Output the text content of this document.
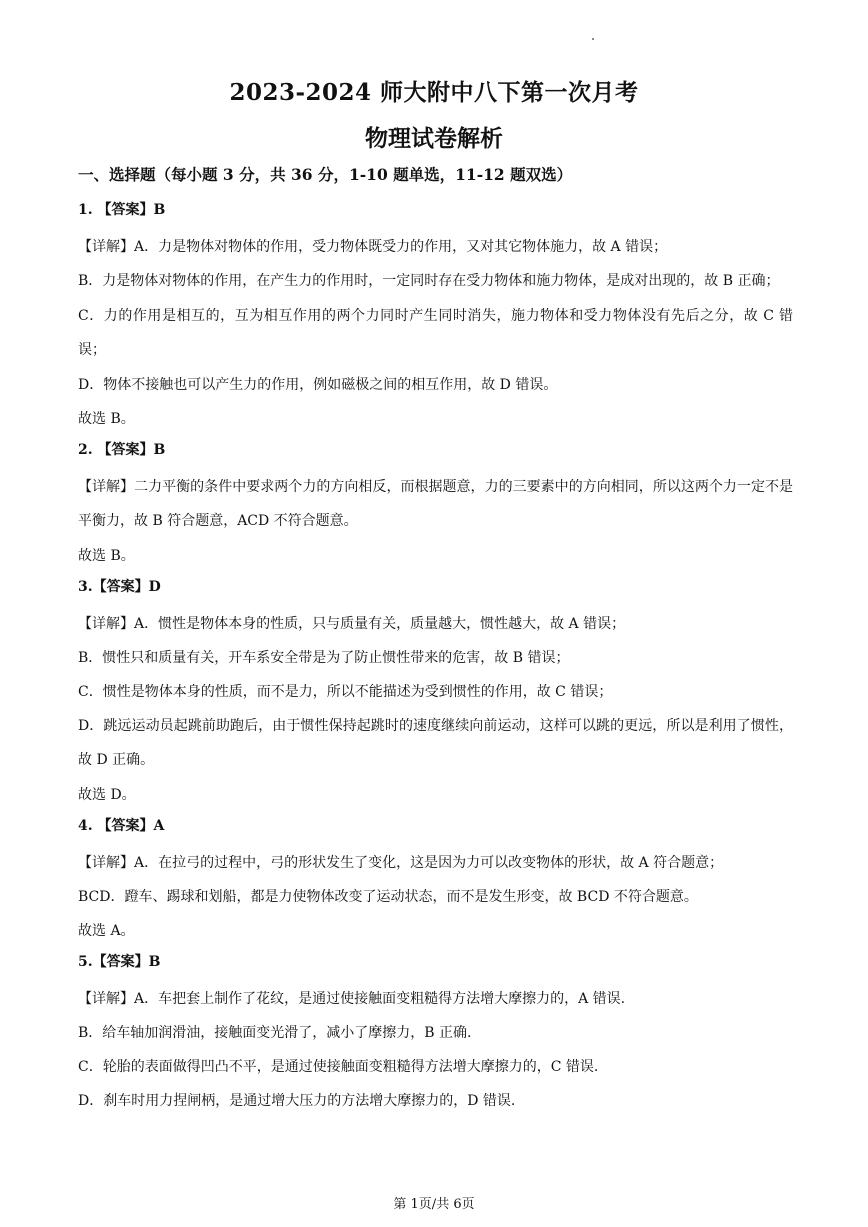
2023-2024 师大附中八下第一次月考
物理试卷解析
一、选择题（每小题 3 分，共 36 分，1-10 题单选，11-12 题双选）
1. 【答案】B
【详解】A．力是物体对物体的作用，受力物体既受力的作用，又对其它物体施力，故 A 错误；
B．力是物体对物体的作用，在产生力的作用时，一定同时存在受力物体和施力物体，是成对出现的，故 B 正确；
C．力的作用是相互的，互为相互作用的两个力同时产生同时消失，施力物体和受力物体没有先后之分，故 C 错误；
D．物体不接触也可以产生力的作用，例如磁极之间的相互作用，故 D 错误。
故选 B。
2. 【答案】B
【详解】二力平衡的条件中要求两个力的方向相反，而根据题意，力的三要素中的方向相同，所以这两个力一定不是平衡力，故 B 符合题意，ACD 不符合题意。
故选 B。
3.【答案】D
【详解】A．惯性是物体本身的性质，只与质量有关，质量越大，惯性越大，故 A 错误；
B．惯性只和质量有关，开车系安全带是为了防止惯性带来的危害，故 B 错误；
C．惯性是物体本身的性质，而不是力，所以不能描述为受到惯性的作用，故 C 错误；
D．跳远运动员起跳前助跑后，由于惯性保持起跳时的速度继续向前运动，这样可以跳的更远，所以是利用了惯性，故 D 正确。
故选 D。
4. 【答案】A
【详解】A．在拉弓的过程中，弓的形状发生了变化，这是因为力可以改变物体的形状，故 A 符合题意；
BCD．蹬车、踢球和划船，都是力使物体改变了运动状态，而不是发生形变，故 BCD 不符合题意。
故选 A。
5.【答案】B
【详解】A．车把套上制作了花纹，是通过使接触面变粗糙得方法增大摩擦力的，A 错误.
B．给车轴加润滑油，接触面变光滑了，减小了摩擦力，B 正确.
C．轮胎的表面做得凹凸不平，是通过使接触面变粗糙得方法增大摩擦力的，C 错误.
D．刹车时用力捏闸柄，是通过增大压力的方法增大摩擦力的，D 错误.
第 1页/共 6页
